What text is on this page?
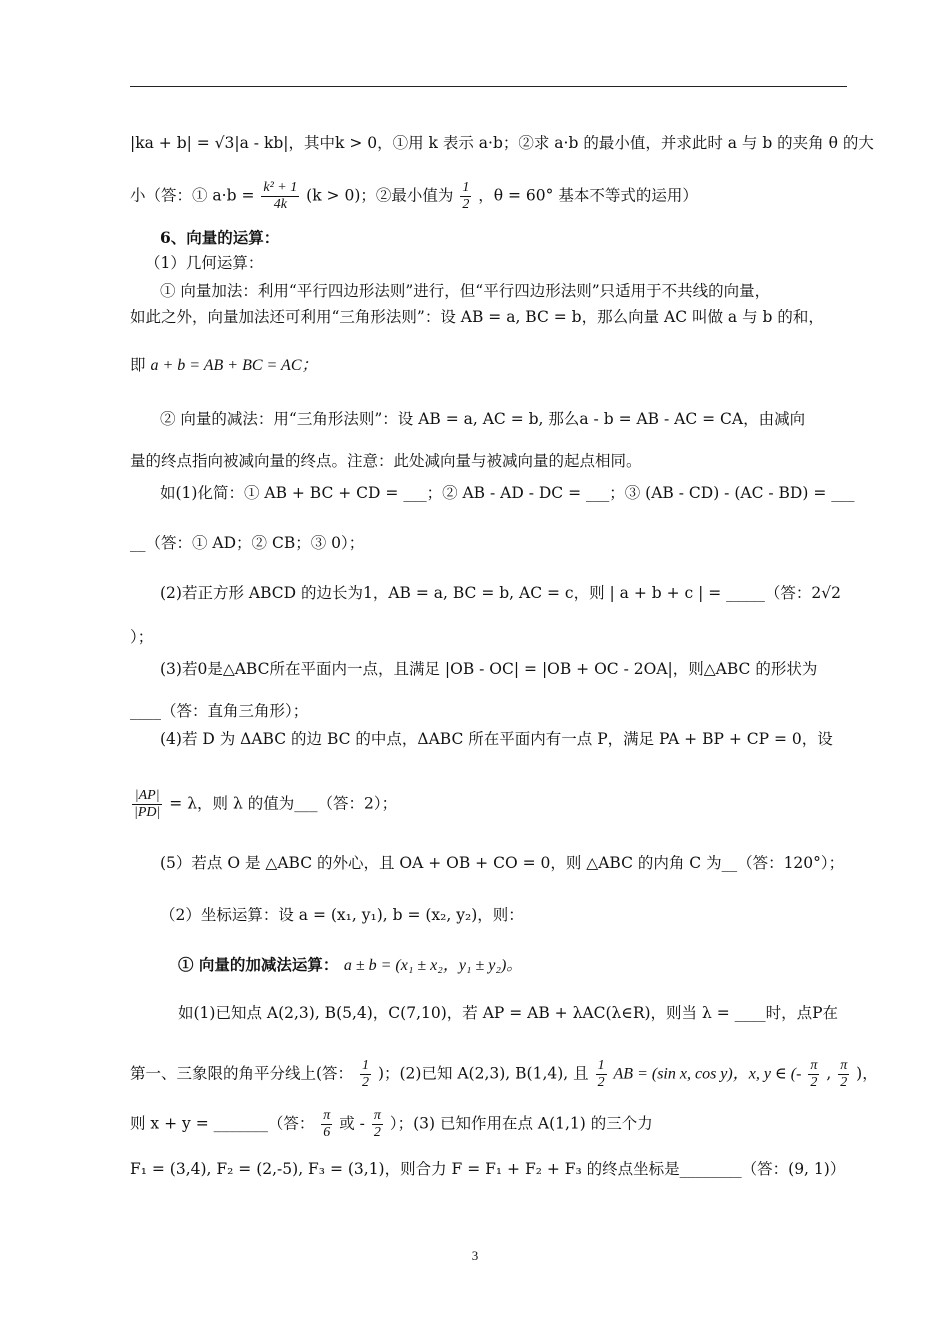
|ka + b| = √3|a - kb|，其中k > 0，①用 k 表示 a·b；②求 a·b 的最小值，并求此时 a 与 b 的夹角 θ 的大
小（答：① $a\cdot b = \frac{\text{k² + 1}}{4k} (k > 0)$；②最小值为 $\frac{1}{2}$ ，θ = 60° 基本不等式的运用）
6、向量的运算：
（1）几何运算：
① 向量加法：利用“平行四边形法则”进行，但“平行四边形法则”只适用于不共线的向量，
如此之外，向量加法还可利用“三角形法则”：设 AB = a, BC = b，那么向量 AC 叫做 a 与 b 的和，
即 a + b = AB + BC = AC；
② 向量的减法：用“三角形法则”：设 AB = a, AC = b, 那么a - b = AB - AC = CA，由减向
量的终点指向被减向量的终点。注意：此处减向量与被减向量的起点相同。
如(1)化简：① AB + BC + CD = ___；② AB - AD - DC = ___；③ (AB - CD) - (AC - BD) = ___
__（答：① AD；② CB；③ 0）；
(2)若正方形 ABCD 的边长为1，AB = a, BC = b, AC = c，则 | a + b + c | = _____（答：2√2
）；
(3)若0是△ABC所在平面内一点，且满足 |OB - OC| = |OB + OC - 2OA|，则△ABC 的形状为
____（答：直角三角形）；
(4)若 D 为 ΔABC 的边 BC 的中点，ΔABC 所在平面内有一点 P，满足 PA + BP + CP = 0，设
$\frac{|AP|}{|PD|} = \lambda$，则 λ 的值为___（答：2）；
(5）若点 O 是 △ABC 的外心，且 OA + OB + CO = 0，则 △ABC 的内角 C 为__（答：120°）；
（2）坐标运算：设 a = (x₁, y₁), b = (x₂, y₂)，则：
① 向量的加减法运算： a ± b = (x₁ ± x₂，y₁ ± y₂)。
如(1)已知点 A(2,3), B(5,4)，C(7,10)，若 AP = AB + λAC(λ∈R)，则当 λ = ____时，点P在
第一、三象限的角平分线上(答： $\frac{1}{2}$ )；(2)已知 A(2,3), B(1,4), 且 $\frac{1}{2}$ AB = (sin x, cos y)，x, y ∈ (- $\frac{\pi}{2}$ , $\frac{\pi}{2}$ )，
则 x + y = _______（答： $\frac{\pi}{6}$ 或 - $\frac{\pi}{2}$ ）；(3) 已知作用在点 A(1,1) 的三个力
F₁ = (3,4), F₂ = (2,-5), F₃ = (3,1)，则合力 F = F₁ + F₂ + F₃ 的终点坐标是________（答：(9, 1)）
3
